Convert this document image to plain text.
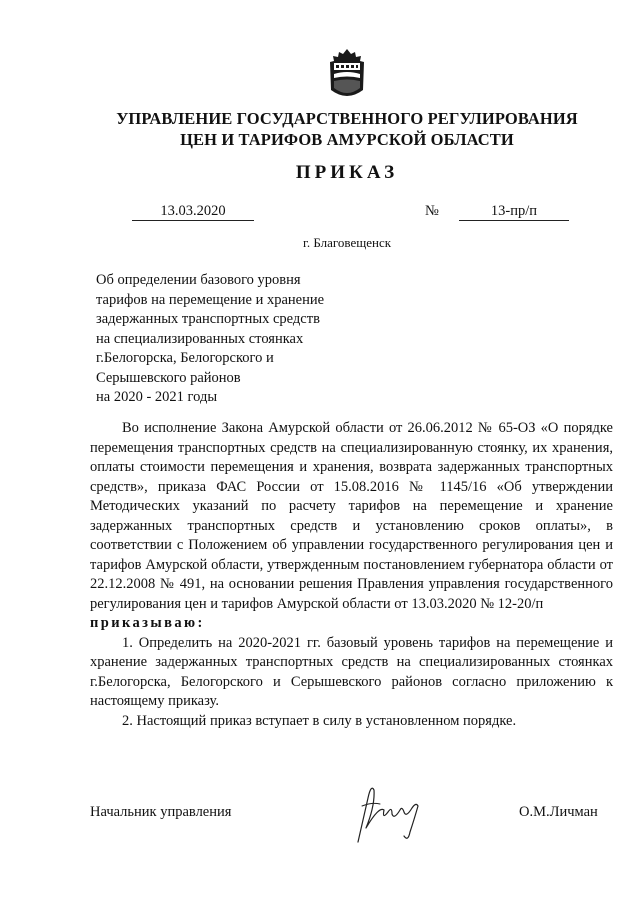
УПРАВЛЕНИЕ ГОСУДАРСТВЕННОГО РЕГУЛИРОВАНИЯ
ЦЕН И ТАРИФОВ АМУРСКОЙ ОБЛАСТИ
ПРИКАЗ
13.03.2020	№	13-пр/п
г. Благовещенск
Об определении базового уровня
тарифов на перемещение и хранение
задержанных транспортных средств
на специализированных стоянках
г.Белогорска, Белогорского и
Серышевского районов
на 2020 - 2021 годы

Во исполнение Закона Амурской области от 26.06.2012 № 65-ОЗ «О порядке перемещения транспортных средств на специализированную стоянку, их хранения, оплаты стоимости перемещения и хранения, возврата задержанных транспортных средств», приказа ФАС России от 15.08.2016 № 1145/16 «Об утверждении Методических указаний по расчету тарифов на перемещение и хранение задержанных транспортных средств и установлению сроков оплаты», в соответствии с Положением об управлении государственного регулирования цен и тарифов Амурской области, утвержденным постановлением губернатора области от 22.12.2008 № 491, на основании решения Правления управления государственного регулирования цен и тарифов Амурской области от 13.03.2020 № 12-20/п

приказываю:

1. Определить на 2020-2021 гг. базовый уровень тарифов на перемещение и хранение задержанных транспортных средств на специализированных стоянках г.Белогорска, Белогорского и Серышевского районов согласно приложению к настоящему приказу.

2. Настоящий приказ вступает в силу в установленном порядке.

Начальник управления	О.М.Личман
